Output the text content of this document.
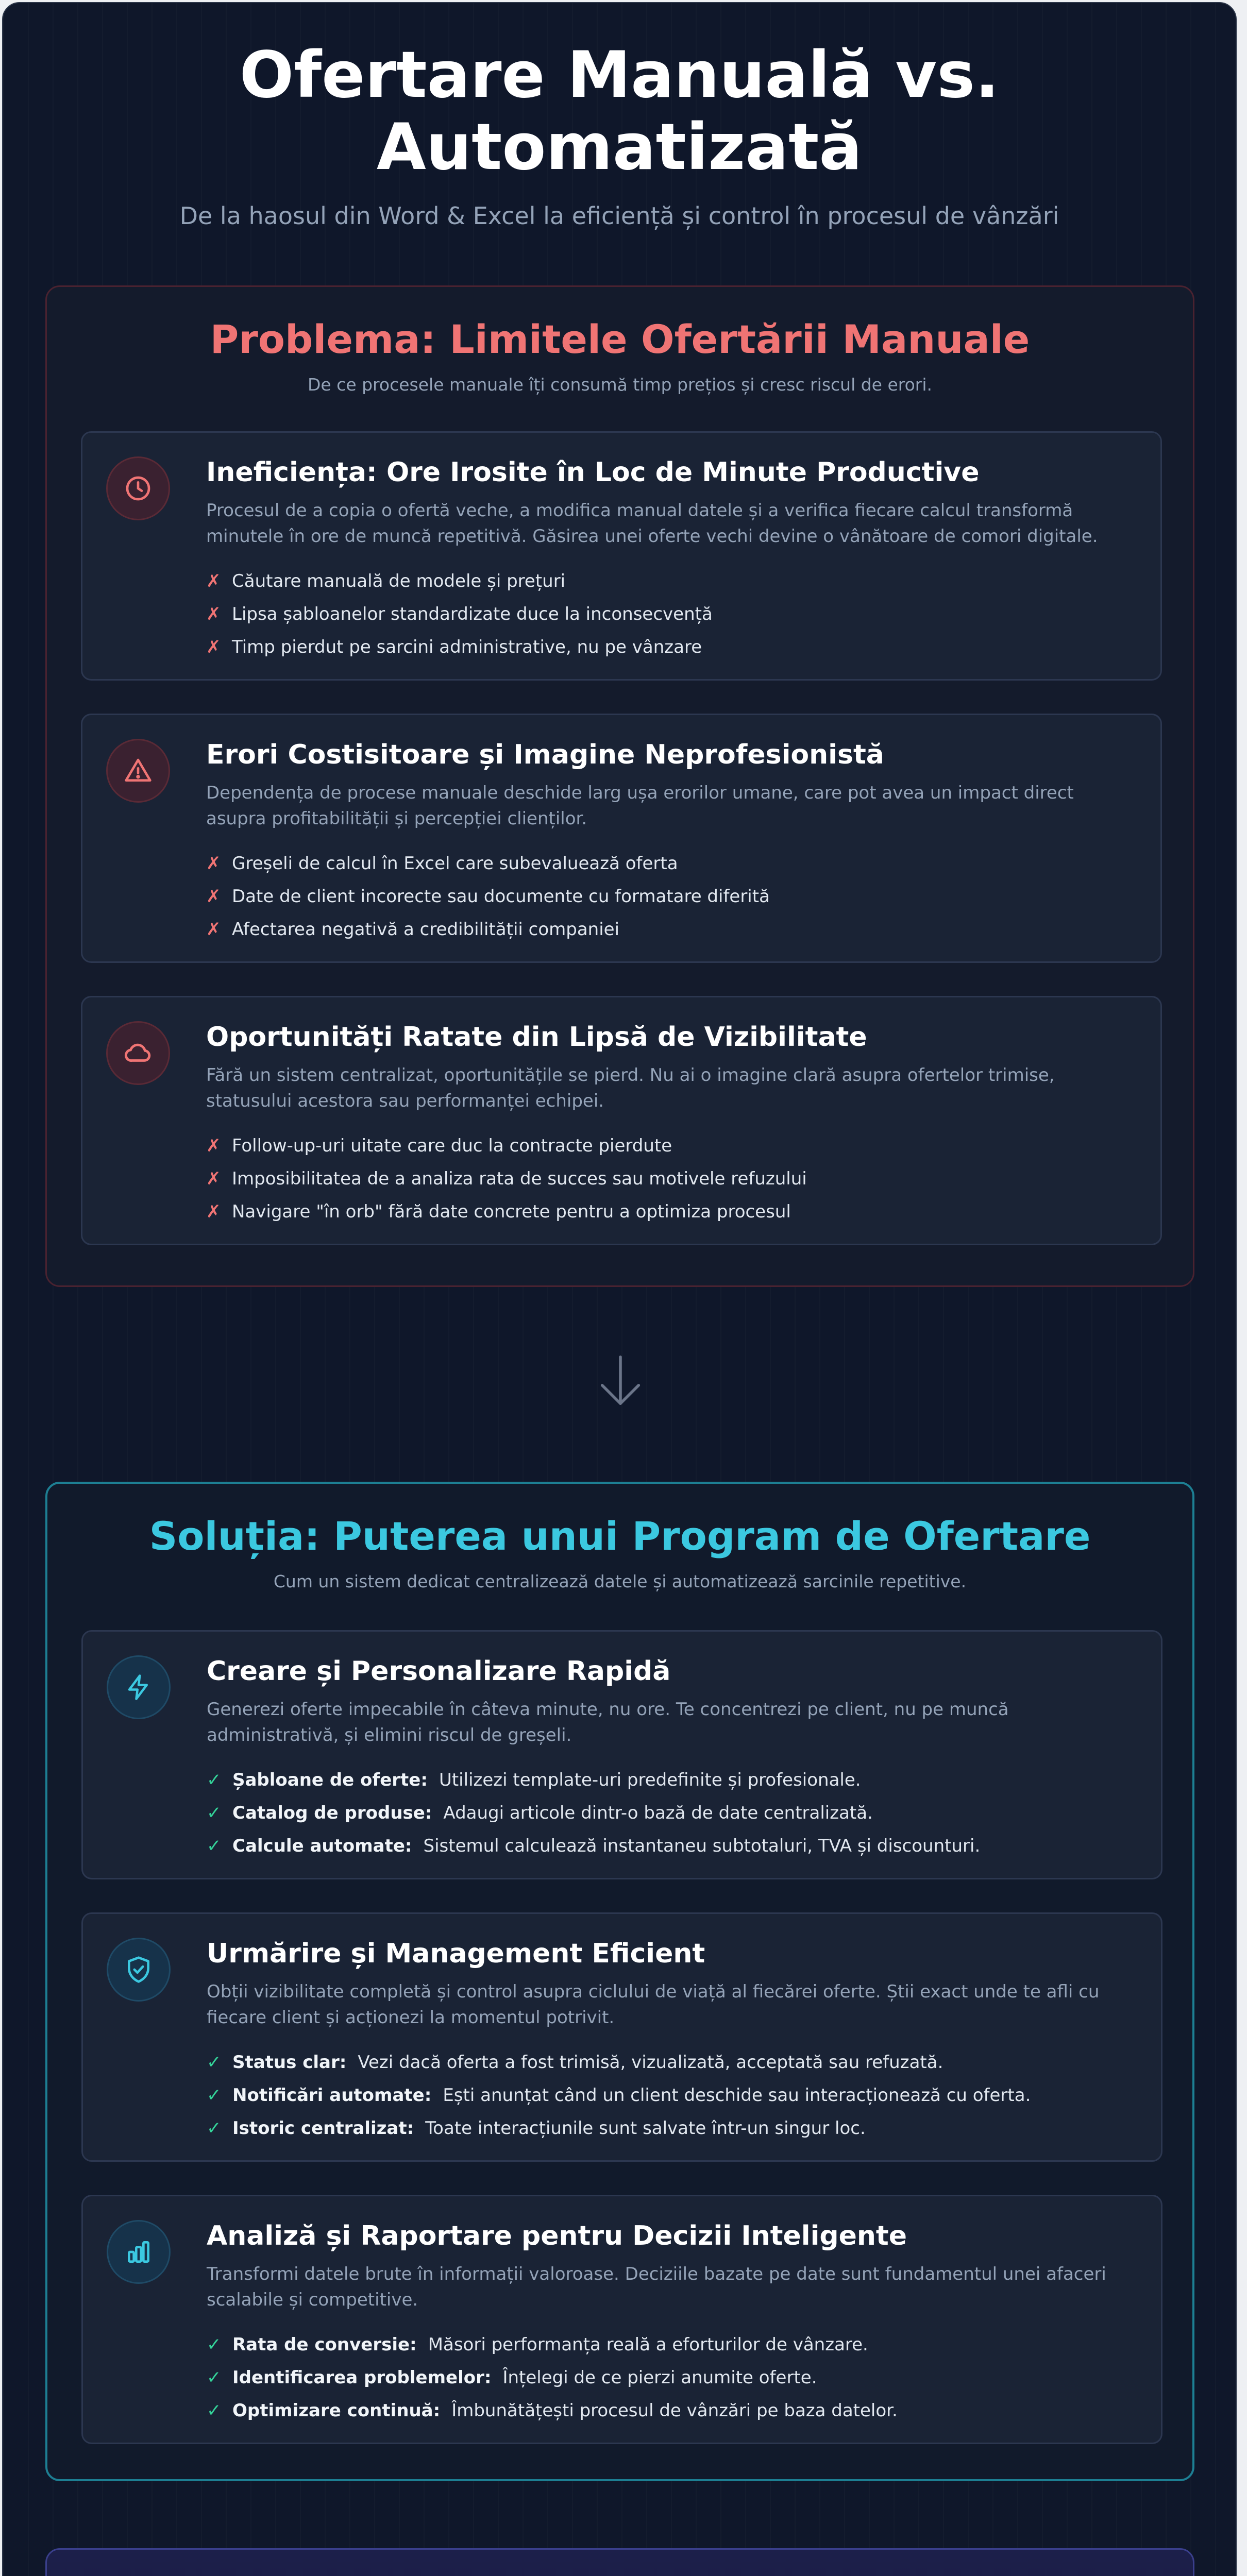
Ofertare Manuală vs. Automatizată

De la haosul din Word & Excel la eficiență și control în procesul de vânzări

Problema: Limitele Ofertării Manuale

De ce procesele manuale îți consumă timp prețios și cresc riscul de erori.

Ineficiența: Ore Irosite în Loc de Minute Productive

Procesul de a copia o ofertă veche, a modifica manual datele și a verifica fiecare calcul transformă minutele în ore de muncă repetitivă. Găsirea unei oferte vechi devine o vânătoare de comori digitale.

✗ Căutare manuală de modele și prețuri
✗ Lipsa șabloanelor standardizate duce la inconsecvență
✗ Timp pierdut pe sarcini administrative, nu pe vânzare
Erori Costisitoare și Imagine Neprofesionistă

Dependența de procese manuale deschide larg ușa erorilor umane, care pot avea un impact direct asupra profitabilității și percepției clienților.

✗ Greșeli de calcul în Excel care subevaluează oferta
✗ Date de client incorecte sau documente cu formatare diferită
✗ Afectarea negativă a credibilității companiei
Oportunități Ratate din Lipsă de Vizibilitate

Fără un sistem centralizat, oportunitățile se pierd. Nu ai o imagine clară asupra ofertelor trimise, statusului acestora sau performanței echipei.

✗ Follow-up-uri uitate care duc la contracte pierdute
✗ Imposibilitatea de a analiza rata de succes sau motivele refuzului
✗ Navigare "în orb" fără date concrete pentru a optimiza procesul
Soluția: Puterea unui Program de Ofertare

Cum un sistem dedicat centralizează datele și automatizează sarcinile repetitive.

Creare și Personalizare Rapidă

Generezi oferte impecabile în câteva minute, nu ore. Te concentrezi pe client, nu pe muncă administrativă, și elimini riscul de greșeli.

✓ Șabloane de oferte: Utilizezi template-uri predefinite și profesionale.
✓ Catalog de produse: Adaugi articole dintr-o bază de date centralizată.
✓ Calcule automate: Sistemul calculează instantaneu subtotaluri, TVA și discounturi.
Urmărire și Management Eficient

Obții vizibilitate completă și control asupra ciclului de viață al fiecărei oferte. Știi exact unde te afli cu fiecare client și acționezi la momentul potrivit.

✓ Status clar: Vezi dacă oferta a fost trimisă, vizualizată, acceptată sau refuzată.
✓ Notificări automate: Ești anunțat când un client deschide sau interacționează cu oferta.
✓ Istoric centralizat: Toate interacțiunile sunt salvate într-un singur loc.
Analiză și Raportare pentru Decizii Inteligente

Transformi datele brute în informații valoroase. Deciziile bazate pe date sunt fundamentul unei afaceri scalabile și competitive.

✓ Rata de conversie: Măsori performanța reală a eforturilor de vânzare.
✓ Identificarea problemelor: Înțelegi de ce pierzi anumite oferte.
✓ Optimizare continuă: Îmbunătățești procesul de vânzări pe baza datelor.
